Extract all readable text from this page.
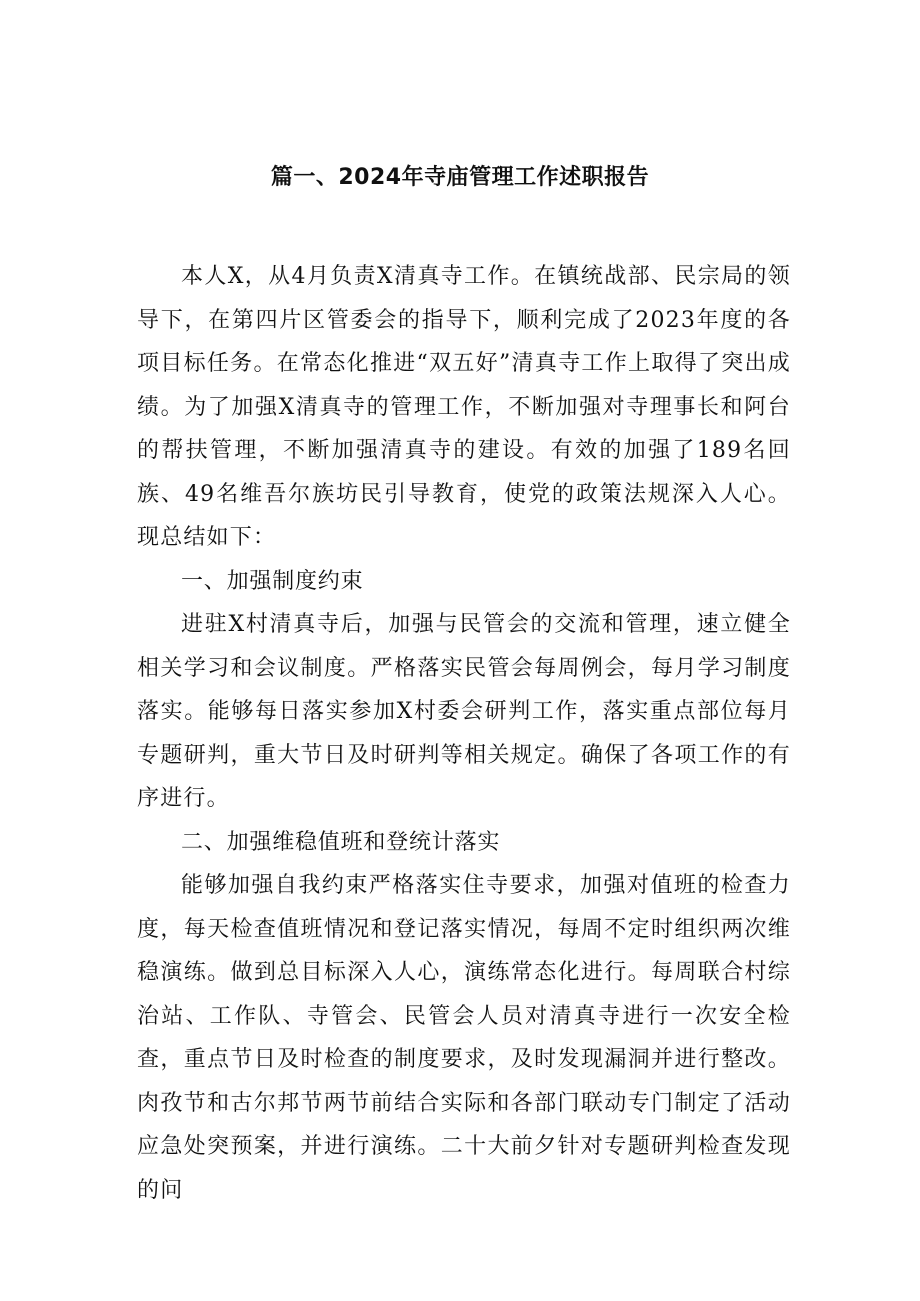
篇一、2024年寺庙管理工作述职报告

本人X，从4月负责X清真寺工作。在镇统战部、民宗局的领导下，在第四片区管委会的指导下，顺利完成了2023年度的各项目标任务。在常态化推进“双五好”清真寺工作上取得了突出成绩。为了加强X清真寺的管理工作，不断加强对寺理事长和阿台的帮扶管理，不断加强清真寺的建设。有效的加强了189名回族、49名维吾尔族坊民引导教育，使党的政策法规深入人心。现总结如下：

一、加强制度约束

进驻X村清真寺后，加强与民管会的交流和管理，速立健全相关学习和会议制度。严格落实民管会每周例会，每月学习制度落实。能够每日落实参加X村委会研判工作，落实重点部位每月专题研判，重大节日及时研判等相关规定。确保了各项工作的有序进行。

二、加强维稳值班和登统计落实

能够加强自我约束严格落实住寺要求，加强对值班的检查力度，每天检查值班情况和登记落实情况，每周不定时组织两次维稳演练。做到总目标深入人心，演练常态化进行。每周联合村综治站、工作队、寺管会、民管会人员对清真寺进行一次安全检查，重点节日及时检查的制度要求，及时发现漏洞并进行整改。肉孜节和古尔邦节两节前结合实际和各部门联动专门制定了活动应急处突预案，并进行演练。二十大前夕针对专题研判检查发现的问
